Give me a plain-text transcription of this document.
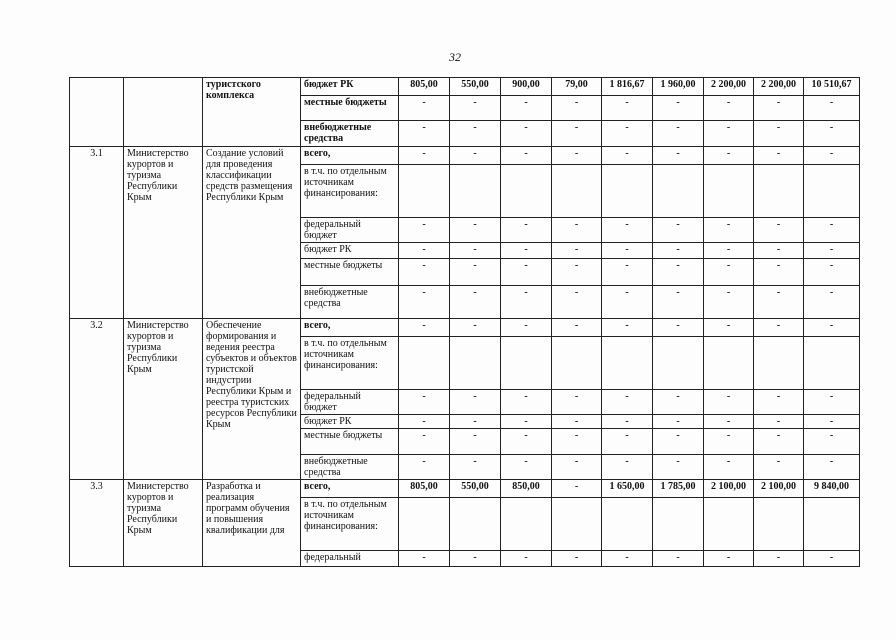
32
		туристского комплекса	бюджет РК	805,00	550,00	900,00	79,00	1 816,67	1 960,00	2 200,00	2 200,00	10 510,67
			местные бюджеты	-	-	-	-	-	-	-	-	-
			внебюджетные средства	-	-	-	-	-	-	-	-	-
3.1	Министерство курортов и туризма Республики Крым	Создание условий для проведения классификации средств размещения Республики Крым	всего,	-	-	-	-	-	-	-	-	-
			в т.ч. по отдельным источникам финансирования:									
			федеральный бюджет	-	-	-	-	-	-	-	-	-
			бюджет РК	-	-	-	-	-	-	-	-	-
			местные бюджеты	-	-	-	-	-	-	-	-	-
			внебюджетные средства	-	-	-	-	-	-	-	-	-
3.2	Министерство курортов и туризма Республики Крым	Обеспечение формирования и ведения реестра субъектов и объектов туристской индустрии Республики Крым и реестра туристских ресурсов Республики Крым	всего,	-	-	-	-	-	-	-	-	-
			в т.ч. по отдельным источникам финансирования:									
			федеральный бюджет	-	-	-	-	-	-	-	-	-
			бюджет РК	-	-	-	-	-	-	-	-	-
			местные бюджеты	-	-	-	-	-	-	-	-	-
			внебюджетные средства	-	-	-	-	-	-	-	-	-
3.3	Министерство курортов и туризма Республики Крым	Разработка и реализация программ обучения и повышения квалификации для	всего,	805,00	550,00	850,00	-	1 650,00	1 785,00	2 100,00	2 100,00	9 840,00
			в т.ч. по отдельным источникам финансирования:									
			федеральный	-	-	-	-	-	-	-	-	-
